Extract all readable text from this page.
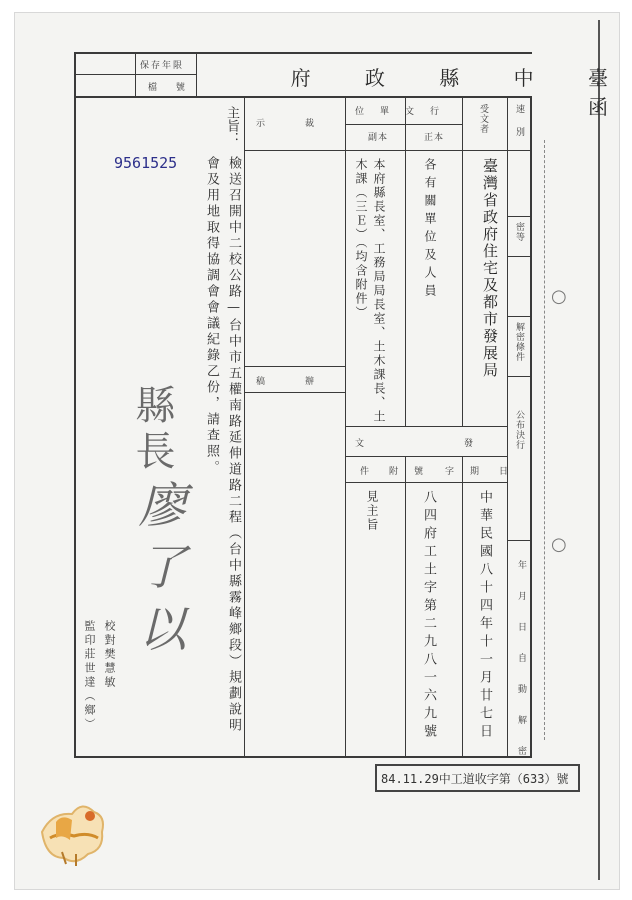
保存年限
檔 號	臺 中 縣 政 府 函
速別
受文者
行文單位
正本
副本
裁示
辦稿
密等
解密條件
公布決行
年 月 日 自 動 解 密
發文
附件
字號
日期
臺灣省政府住宅及都市發展局
各有關單位及人員
本府縣長室、工務局局長室、土木課長、土木課（三Ｅ）（均含附件）
中華民國八十四年十一月廿七日
八四府工土字第二九八一六九號
見主旨
主旨：
檢送召開中二校公路—台中市五權南路延伸道路二程（台中縣霧峰鄉段）規劃說明會及用地取得協調會會議紀錄乙份，請查照。
9561525
縣長
廖了以
校對樊慧敏
監印莊世達（鄉）
○
○
84.11.29中工道收字第（633）號
